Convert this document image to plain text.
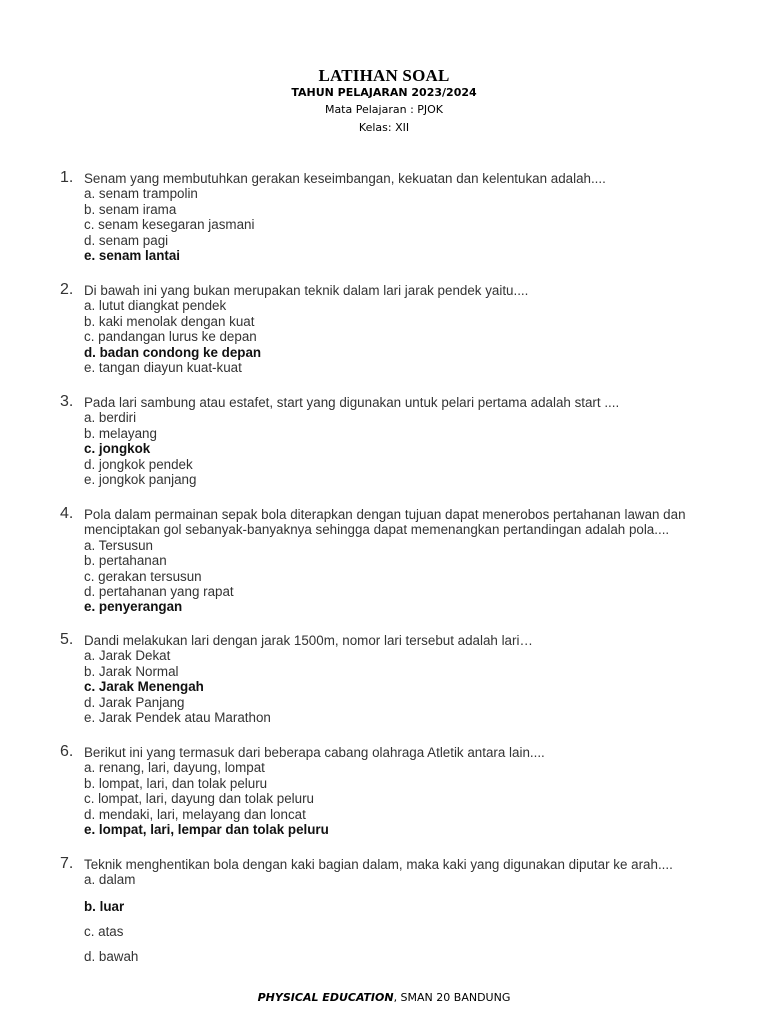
LATIHAN SOAL
TAHUN PELAJARAN 2023/2024
Mata Pelajaran : PJOK
Kelas: XII
1. Senam yang membutuhkan gerakan keseimbangan, kekuatan dan kelentukan adalah....
a. senam trampolin
b. senam irama
c. senam kesegaran jasmani
d. senam pagi
e. senam lantai
2. Di bawah ini yang bukan merupakan teknik dalam lari jarak pendek yaitu....
a. lutut diangkat pendek
b. kaki menolak dengan kuat
c. pandangan lurus ke depan
d. badan condong ke depan
e. tangan diayun kuat-kuat
3. Pada lari sambung atau estafet, start yang digunakan untuk pelari pertama adalah start ....
a. berdiri
b. melayang
c. jongkok
d. jongkok pendek
e. jongkok panjang
4. Pola dalam permainan sepak bola diterapkan dengan tujuan dapat menerobos pertahanan lawan dan menciptakan gol sebanyak-banyaknya sehingga dapat memenangkan pertandingan adalah pola....
a. Tersusun
b. pertahanan
c. gerakan tersusun
d. pertahanan yang rapat
e. penyerangan
5. Dandi melakukan lari dengan jarak 1500m, nomor lari tersebut adalah lari…
a. Jarak Dekat
b. Jarak Normal
c. Jarak Menengah
d. Jarak Panjang
e. Jarak Pendek atau Marathon
6. Berikut ini yang termasuk dari beberapa cabang olahraga Atletik antara lain....
a. renang, lari, dayung, lompat
b. lompat, lari, dan tolak peluru
c. lompat, lari, dayung dan tolak peluru
d. mendaki, lari, melayang dan loncat
e. lompat, lari, lempar dan tolak peluru
7. Teknik menghentikan bola dengan kaki bagian dalam, maka kaki yang digunakan diputar ke arah....
a. dalam
b. luar
c. atas
d. bawah
PHYSICAL EDUCATION, SMAN 20 BANDUNG
